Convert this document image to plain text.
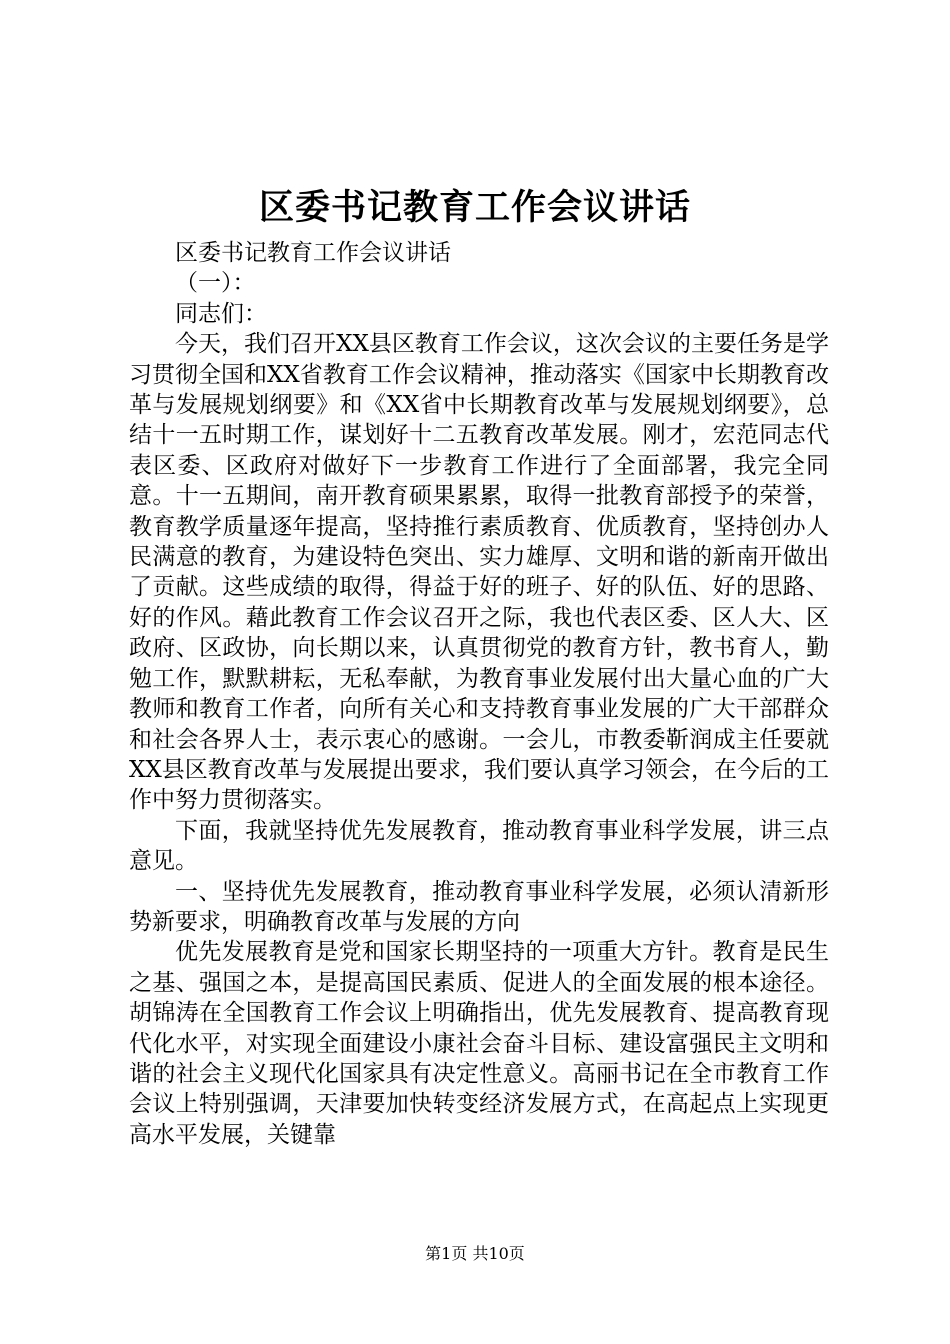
区委书记教育工作会议讲话

区委书记教育工作会议讲话

（一）：

同志们：

今天，我们召开XX县区教育工作会议，这次会议的主要任务是学习贯彻全国和XX省教育工作会议精神，推动落实《国家中长期教育改革与发展规划纲要》和《XX省中长期教育改革与发展规划纲要》，总结十一五时期工作，谋划好十二五教育改革发展。刚才，宏范同志代表区委、区政府对做好下一步教育工作进行了全面部署，我完全同意。十一五期间，南开教育硕果累累，取得一批教育部授予的荣誉，教育教学质量逐年提高，坚持推行素质教育、优质教育，坚持创办人民满意的教育，为建设特色突出、实力雄厚、文明和谐的新南开做出了贡献。这些成绩的取得，得益于好的班子、好的队伍、好的思路、好的作风。藉此教育工作会议召开之际，我也代表区委、区人大、区政府、区政协，向长期以来，认真贯彻党的教育方针，教书育人，勤勉工作，默默耕耘，无私奉献，为教育事业发展付出大量心血的广大教师和教育工作者，向所有关心和支持教育事业发展的广大干部群众和社会各界人士，表示衷心的感谢。一会儿，市教委靳润成主任要就XX县区教育改革与发展提出要求，我们要认真学习领会，在今后的工作中努力贯彻落实。

下面，我就坚持优先发展教育，推动教育事业科学发展，讲三点意见。

一、坚持优先发展教育，推动教育事业科学发展，必须认清新形势新要求，明确教育改革与发展的方向

优先发展教育是党和国家长期坚持的一项重大方针。教育是民生之基、强国之本，是提高国民素质、促进人的全面发展的根本途径。胡锦涛在全国教育工作会议上明确指出，优先发展教育、提高教育现代化水平，对实现全面建设小康社会奋斗目标、建设富强民主文明和谐的社会主义现代化国家具有决定性意义。高丽书记在全市教育工作会议上特别强调，天津要加快转变经济发展方式，在高起点上实现更高水平发展，关键靠

第1页 共10页
